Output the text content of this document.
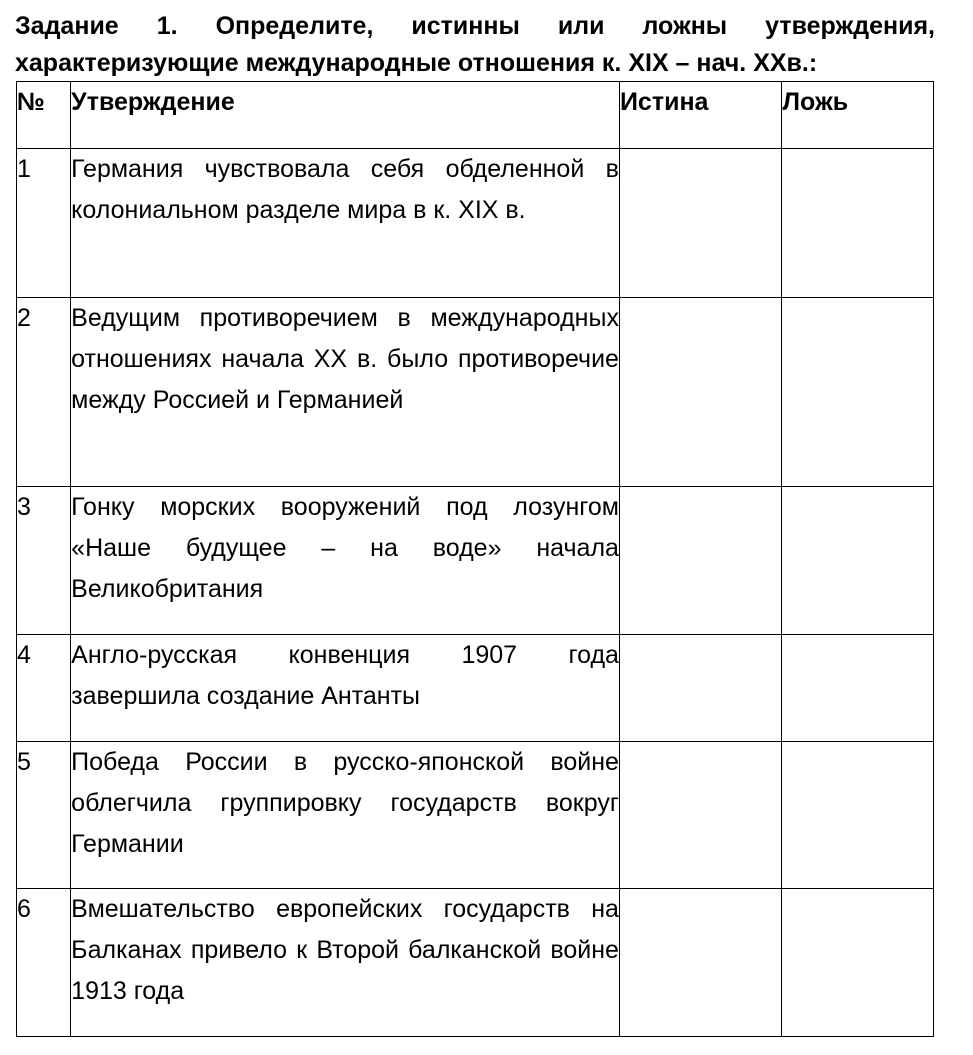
Задание 1. Определите, истинны или ложны утверждения, характеризующие международные отношения к. XIX – нач. XXв.:

№	Утверждение	Истина	Ложь
1	Германия чувствовала себя обделенной в колониальном разделе мира в к. XIX в.		
2	Ведущим противоречием в международных отношениях начала XX в. было противоречие между Россией и Германией		
3	Гонку морских вооружений под лозунгом «Наше будущее – на воде» начала Великобритания		
4	Англо-русская конвенция 1907 года завершила создание Антанты		
5	Победа России в русско-японской войне облегчила группировку государств вокруг Германии		
6	Вмешательство европейских государств на Балканах привело к Второй балканской войне 1913 года		
